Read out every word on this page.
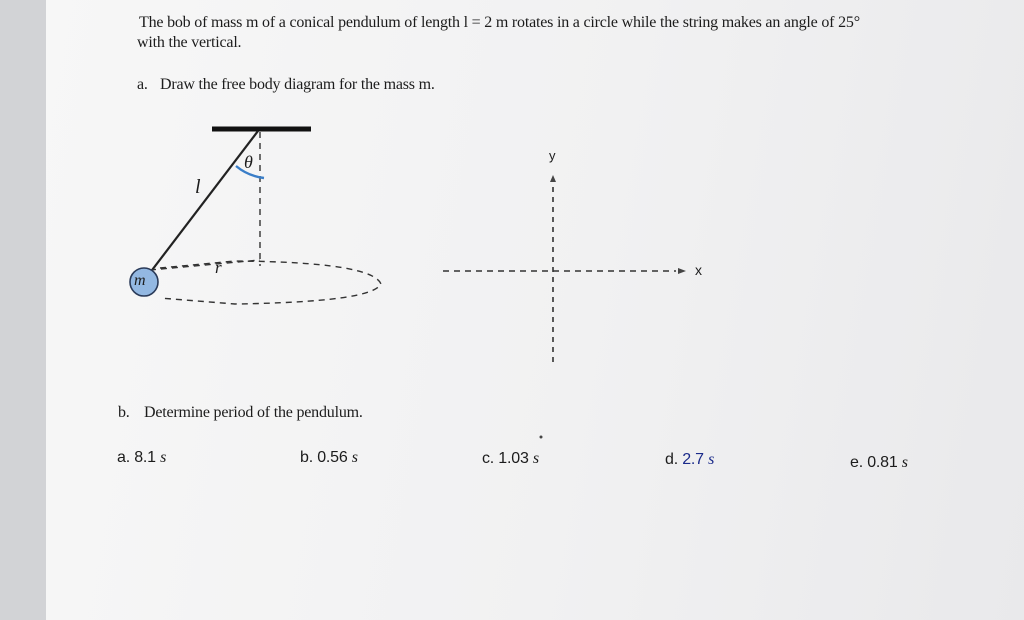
The bob of mass m of a conical pendulum of length l = 2 m rotates in a circle while the string makes an angle of 25°
with the vertical.
a. Draw the free body diagram for the mass m.
θ
l
r
m
y
x
b. Determine period of the pendulum.
a. 8.1 s	b. 0.56 s	c. 1.03 s	d. 2.7 s	e. 0.81 s
